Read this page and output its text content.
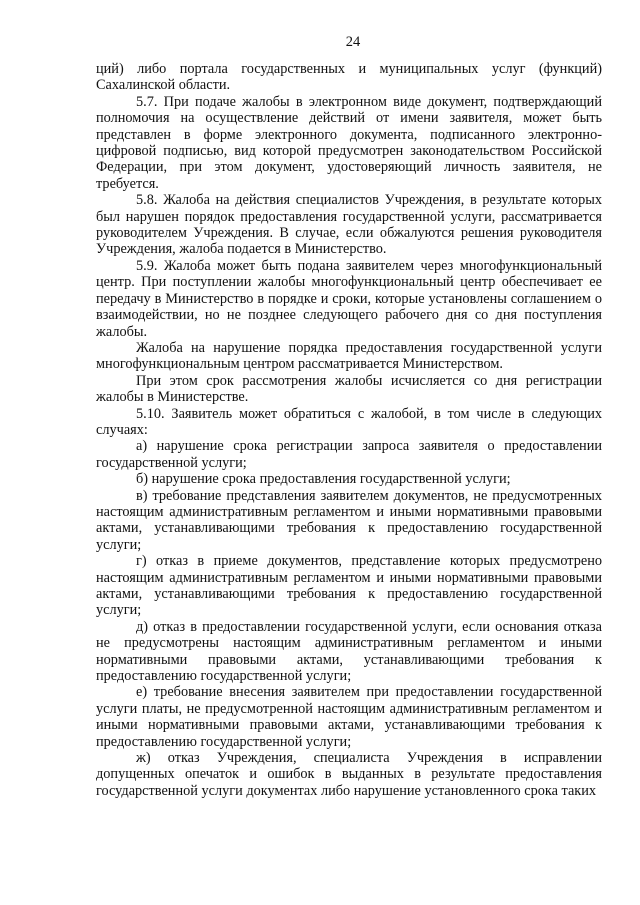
24

ций) либо портала государственных и муниципальных услуг (функций) Сахалинской области.

5.7. При подаче жалобы в электронном виде документ, подтверждающий полномочия на осуществление действий от имени заявителя, может быть представлен в форме электронного документа, подписанного электронно-цифровой подписью, вид которой предусмотрен законодательством Российской Федерации, при этом документ, удостоверяющий личность заявителя, не требуется.

5.8. Жалоба на действия специалистов Учреждения, в результате которых был нарушен порядок предоставления государственной услуги, рассматривается руководителем Учреждения. В случае, если обжалуются решения руководителя Учреждения, жалоба подается в Министерство.

5.9. Жалоба может быть подана заявителем через многофункциональный центр. При поступлении жалобы многофункциональный центр обеспечивает ее передачу в Министерство в порядке и сроки, которые установлены соглашением о взаимодействии, но не позднее следующего рабочего дня со дня поступления жалобы.

Жалоба на нарушение порядка предоставления государственной услуги многофункциональным центром рассматривается Министерством.

При этом срок рассмотрения жалобы исчисляется со дня регистрации жалобы в Министерстве.

5.10. Заявитель может обратиться с жалобой, в том числе в следующих случаях:

а) нарушение срока регистрации запроса заявителя о предоставлении государственной услуги;

б) нарушение срока предоставления государственной услуги;

в) требование представления заявителем документов, не предусмотренных настоящим административным регламентом и иными нормативными правовыми актами, устанавливающими требования к предоставлению государственной услуги;

г) отказ в приеме документов, представление которых предусмотрено настоящим административным регламентом и иными нормативными правовыми актами, устанавливающими требования к предоставлению государственной услуги;

д) отказ в предоставлении государственной услуги, если основания отказа не предусмотрены настоящим административным регламентом и иными нормативными правовыми актами, устанавливающими требования к предоставлению государственной услуги;

е) требование внесения заявителем при предоставлении государственной услуги платы, не предусмотренной настоящим административным регламентом и иными нормативными правовыми актами, устанавливающими требования к предоставлению государственной услуги;

ж) отказ Учреждения, специалиста Учреждения в исправлении допущенных опечаток и ошибок в выданных в результате предоставления государственной услуги документах либо нарушение установленного срока таких
